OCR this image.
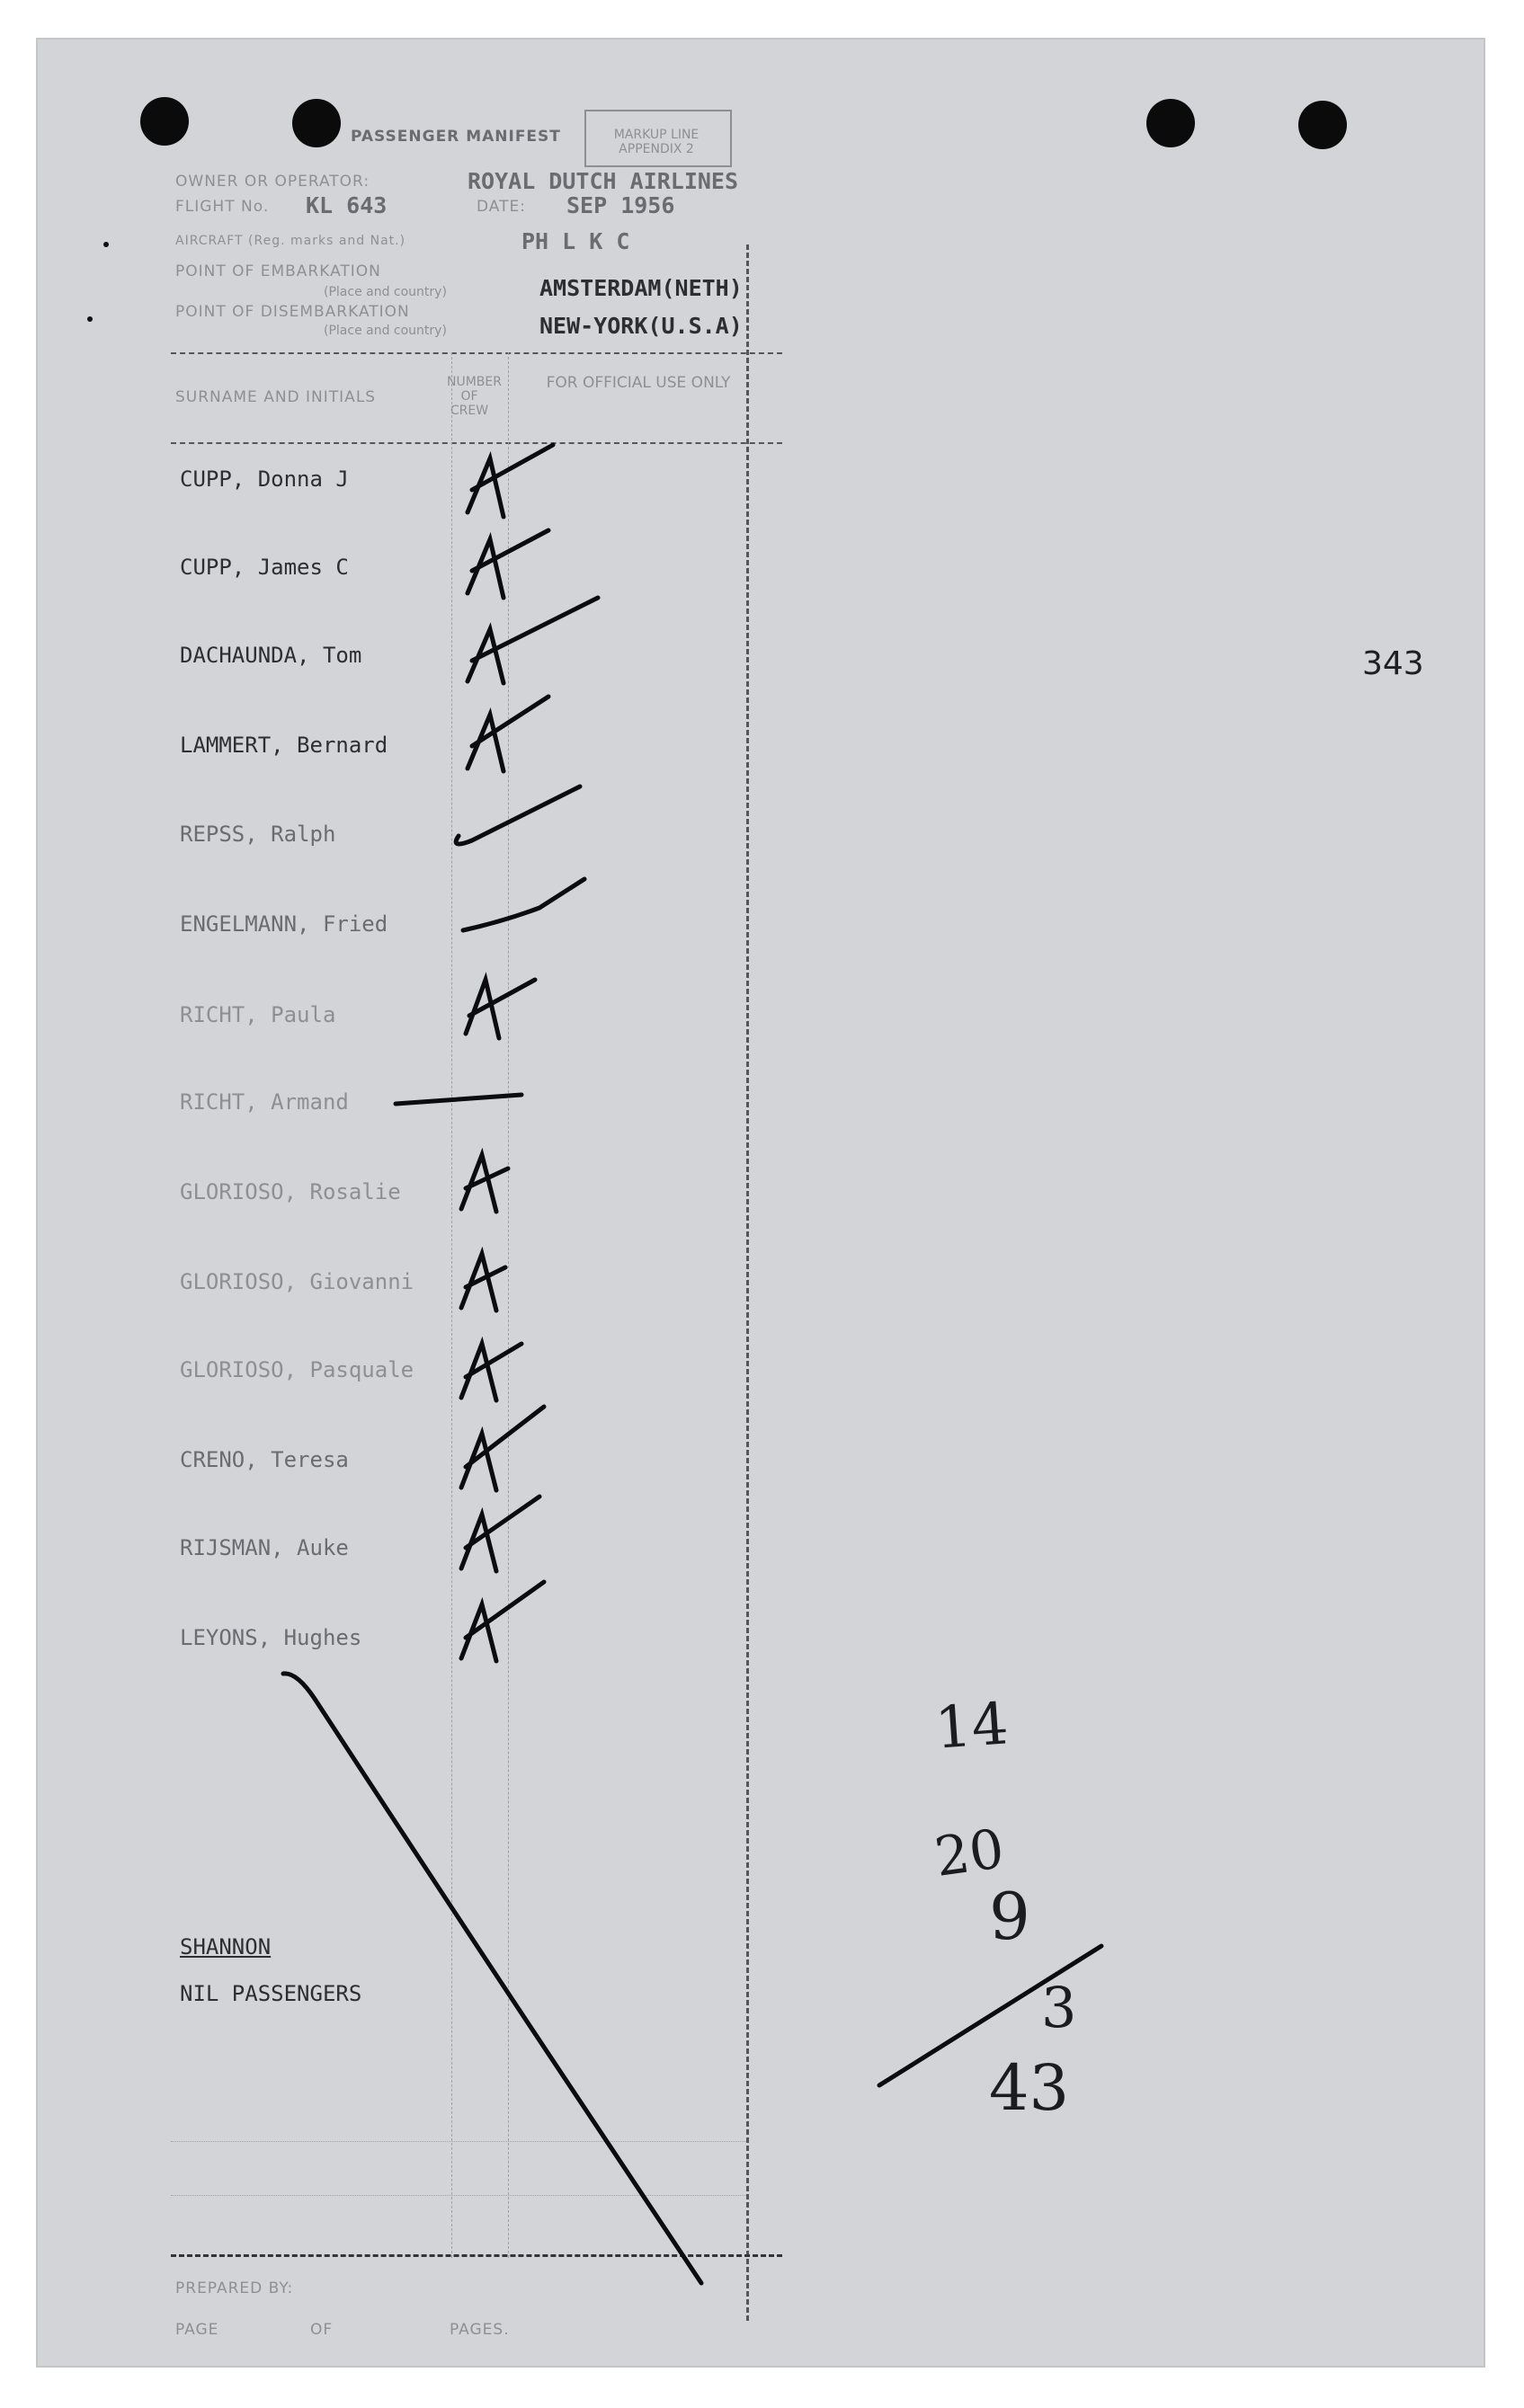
PASSENGER MANIFEST	MARKUP LINE APPENDIX 2
OWNER OR OPERATOR:	ROYAL DUTCH AIRLINES
FLIGHT No. KL 643	DATE: SEP 1956
AIRCRAFT (Reg. marks and Nat.)	PH L K C
POINT OF EMBARKATION
(Place and country)	AMSTERDAM(NETH)
POINT OF DISEMBARKATION
(Place and country)	NEW-YORK(U.S.A)
SURNAME AND INITIALS
NUMBER OF CREW
FOR OFFICIAL USE ONLY
CUPP, Donna J
CUPP, James C
DACHAUNDA, Tom
LAMMERT, Bernard
REPSS, Ralph
ENGELMANN, Fried
RICHT, Paula
RICHT, Armand
GLORIOSO, Rosalie
GLORIOSO, Giovanni
GLORIOSO, Pasquale
CRENO, Teresa
RIJSMAN, Auke
LEYONS, Hughes
SHANNON
NIL PASSENGERS
PREPARED BY:
PAGE	OF	PAGES.
343
14
20
9
3
43
